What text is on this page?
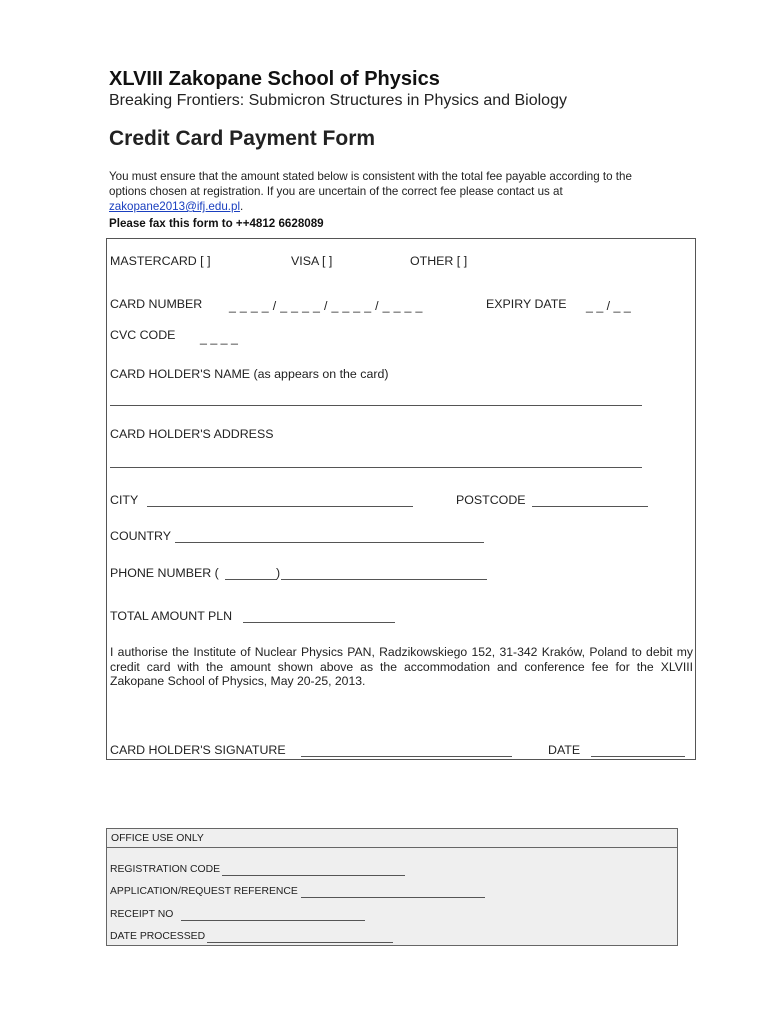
XLVIII Zakopane School of Physics
Breaking Frontiers: Submicron Structures in Physics and Biology
Credit Card Payment Form
You must ensure that the amount stated below is consistent with the total fee payable according to the options chosen at registration. If you are uncertain of the correct fee please contact us at zakopane2013@ifj.edu.pl.
Please fax this form to ++4812 6628089
MASTERCARD [ ]	VISA [ ]	OTHER [ ]
CARD NUMBER _ _ _ _ / _ _ _ _ / _ _ _ _ / _ _ _ _	EXPIRY DATE _ _ / _ _
CVC CODE _ _ _ _
CARD HOLDER'S NAME (as appears on the card)
CARD HOLDER'S ADDRESS
CITY	POSTCODE
COUNTRY
PHONE NUMBER (	)
TOTAL AMOUNT PLN
I authorise the Institute of Nuclear Physics PAN, Radzikowskiego 152, 31-342 Kraków, Poland to debit my credit card with the amount shown above as the accommodation and conference fee for the XLVIII Zakopane School of Physics, May 20-25, 2013.
CARD HOLDER'S SIGNATURE	DATE
OFFICE USE ONLY
REGISTRATION CODE
APPLICATION/REQUEST REFERENCE
RECEIPT NO
DATE PROCESSED
